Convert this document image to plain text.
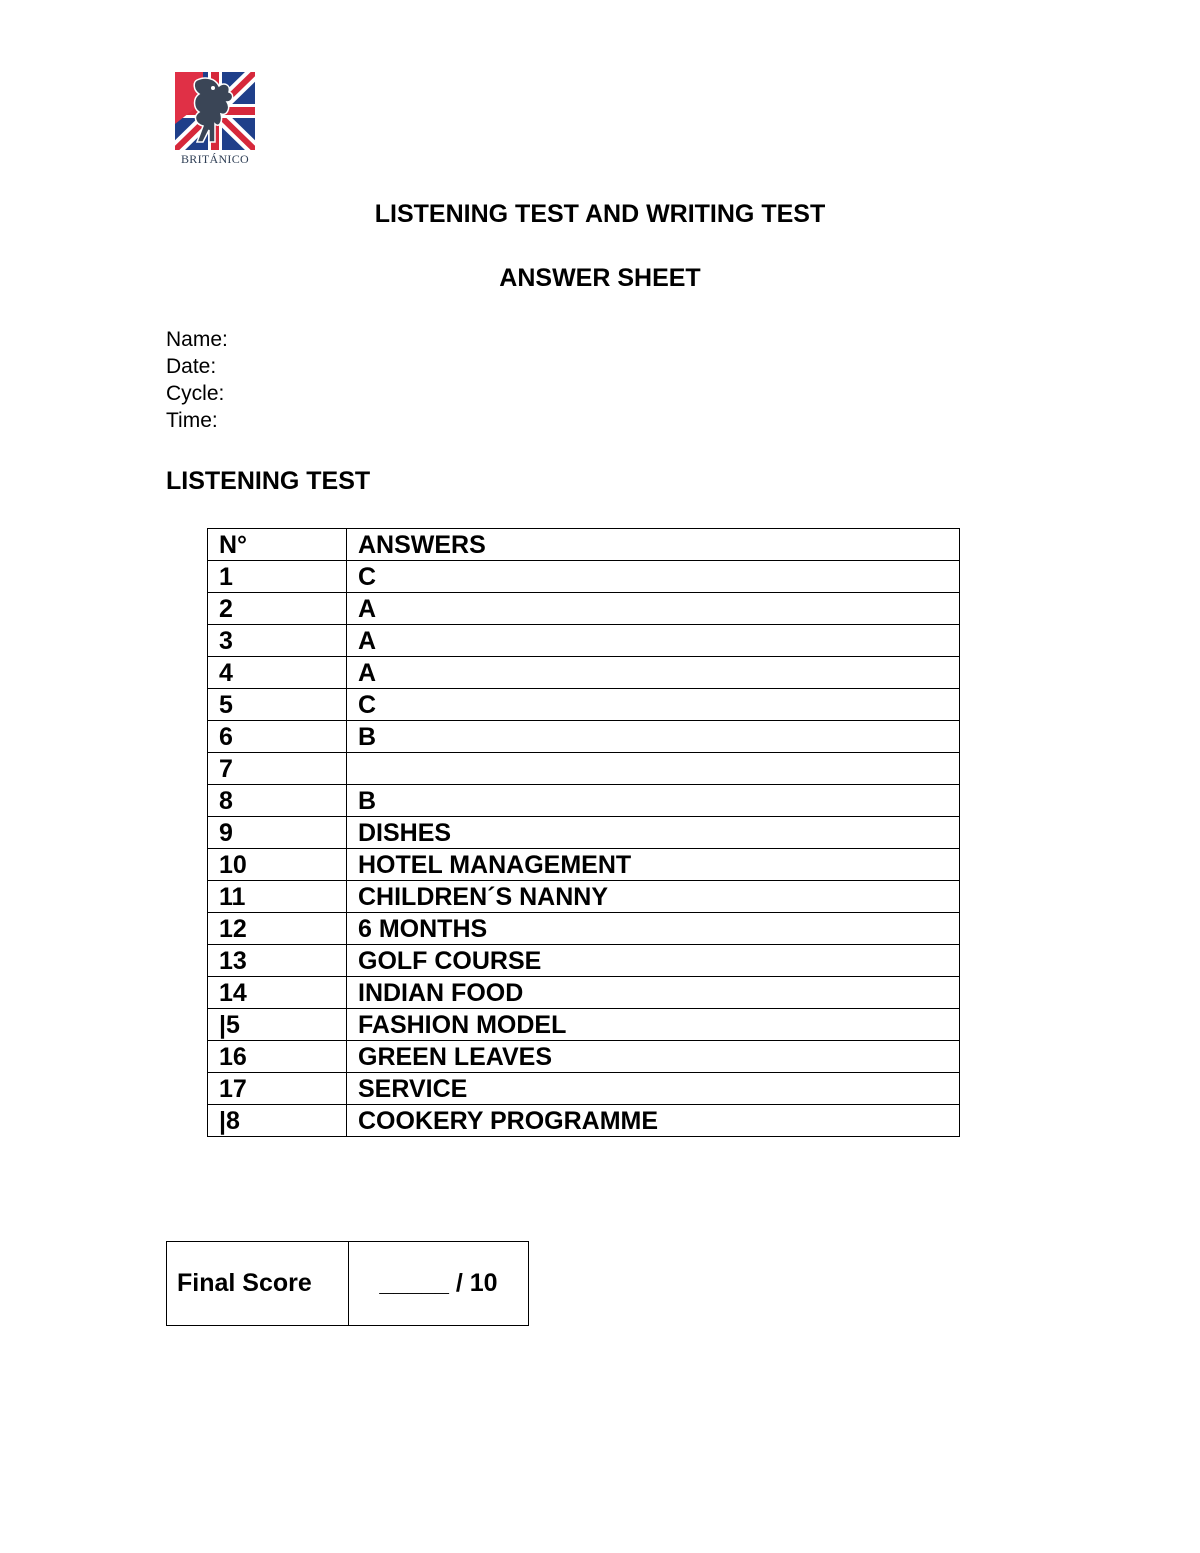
BRITÁNICO
LISTENING TEST AND WRITING TEST
ANSWER SHEET
Name:
Date:
Cycle:
Time:
LISTENING TEST
N°	ANSWERS
1	C
2	A
3	A
4	A
5	C
6	B
7	
8	B
9	DISHES
10	HOTEL MANAGEMENT
11	CHILDREN´S NANNY
12	6 MONTHS
13	GOLF COURSE
14	INDIAN FOOD
|5	FASHION MODEL
16	GREEN LEAVES
17	SERVICE
|8	COOKERY PROGRAMME
Final Score	_____ / 10
